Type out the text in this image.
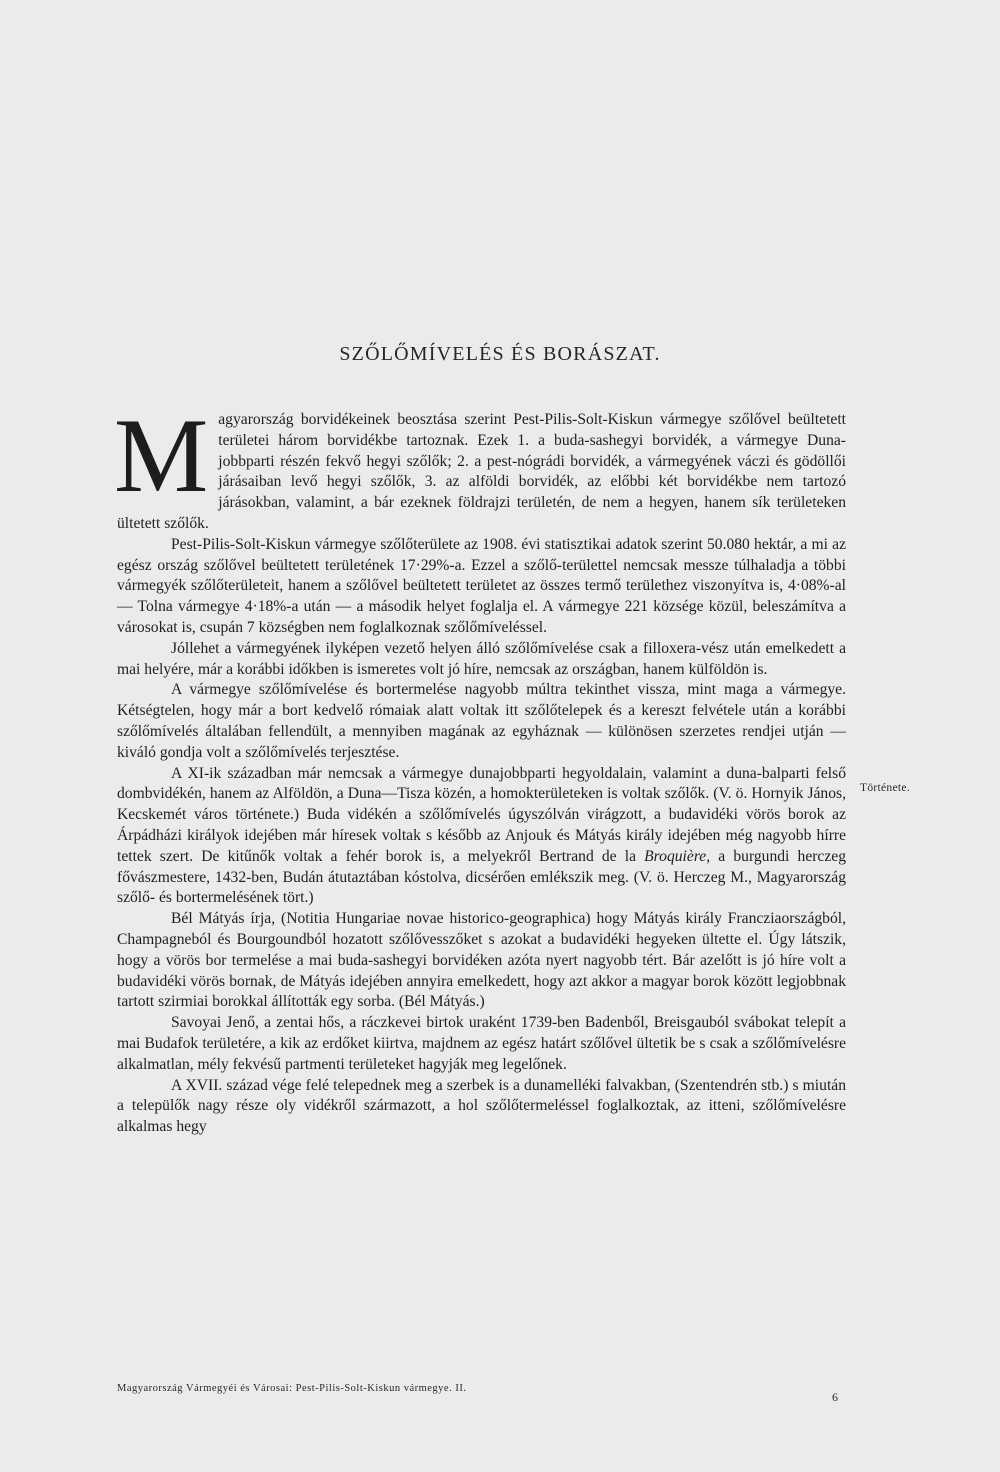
SZŐLŐMÍVELÉS ÉS BORÁSZAT.

Magyarország borvidékeinek beosztása szerint Pest-Pilis-Solt-Kiskun vármegye szőlővel beültetett területei három borvidékbe tartoznak. Ezek 1. a buda-sashegyi borvidék, a vármegye Duna-jobbparti részén fekvő hegyi szőlők; 2. a pest-nógrádi borvidék, a vármegyének váczi és gödöllői járásaiban levő hegyi szőlők, 3. az alföldi borvidék, az előbbi két borvidékbe nem tartozó járásokban, valamint, a bár ezeknek földrajzi területén, de nem a hegyen, hanem sík területeken ültetett szőlők.

Pest-Pilis-Solt-Kiskun vármegye szőlőterülete az 1908. évi statisztikai adatok szerint 50.080 hektár, a mi az egész ország szőlővel beültetett területének 17·29%-a. Ezzel a szőlő-területtel nemcsak messze túlhaladja a többi vármegyék szőlőterületeit, hanem a szőlővel beültetett területet az összes termő területhez viszonyítva is, 4·08%-al — Tolna vármegye 4·18%-a után — a második helyet foglalja el. A vármegye 221 községe közül, beleszámítva a városokat is, csupán 7 községben nem foglalkoznak szőlőmíveléssel.

Jóllehet a vármegyének ilyképen vezető helyen álló szőlőmívelése csak a filloxera-vész után emelkedett a mai helyére, már a korábbi időkben is ismeretes volt jó híre, nemcsak az országban, hanem külföldön is.

A vármegye szőlőmívelése és bortermelése nagyobb múltra tekinthet vissza, mint maga a vármegye. Kétségtelen, hogy már a bort kedvelő rómaiak alatt voltak itt szőlőtelepek és a kereszt felvétele után a korábbi szőlőmívelés általában fellendült, a mennyiben magának az egyháznak — különösen szerzetes rendjei utján — kiváló gondja volt a szőlőmívelés terjesztése.

A XI-ik században már nemcsak a vármegye dunajobbparti hegyoldalain, valamint a duna-balparti felső dombvidékén, hanem az Alföldön, a Duna—Tisza közén, a homokterületeken is voltak szőlők. (V. ö. Hornyik János, Kecskemét város története.) Buda vidékén a szőlőmívelés úgyszólván virágzott, a budavidéki vörös borok az Árpádházi királyok idejében már híresek voltak s később az Anjouk és Mátyás király idejében még nagyobb hírre tettek szert. De kitűnők voltak a fehér borok is, a melyekről Bertrand de la Broquière, a burgundi herczeg fővászmestere, 1432-ben, Budán átutaztában kóstolva, dicsérően emlékszik meg. (V. ö. Herczeg M., Magyarország szőlő- és bortermelésének tört.)

Bél Mátyás írja, (Notitia Hungariae novae historico-geographica) hogy Mátyás király Francziaországból, Champagneból és Bourgoundból hozatott szőlővesszőket s azokat a budavidéki hegyeken ültette el. Úgy látszik, hogy a vörös bor termelése a mai buda-sashegyi borvidéken azóta nyert nagyobb tért. Bár azelőtt is jó híre volt a budavidéki vörös bornak, de Mátyás idejében annyira emelkedett, hogy azt akkor a magyar borok között legjobbnak tartott szirmiai borokkal állították egy sorba. (Bél Mátyás.)

Savoyai Jenő, a zentai hős, a ráczkevei birtok uraként 1739-ben Badenből, Breisgauból svábokat telepít a mai Budafok területére, a kik az erdőket kiirtva, majdnem az egész határt szőlővel ültetik be s csak a szőlőmívelésre alkalmatlan, mély fekvésű partmenti területeket hagyják meg legelőnek.

A XVII. század vége felé telepednek meg a szerbek is a dunamelléki falvakban, (Szentendrén stb.) s miután a települők nagy része oly vidékről származott, a hol szőlőtermeléssel foglalkoztak, az itteni, szőlőmívelésre alkalmas hegy

Története.
Magyarország Vármegyéi és Városai: Pest-Pilis-Solt-Kiskun vármegye. II.
6
